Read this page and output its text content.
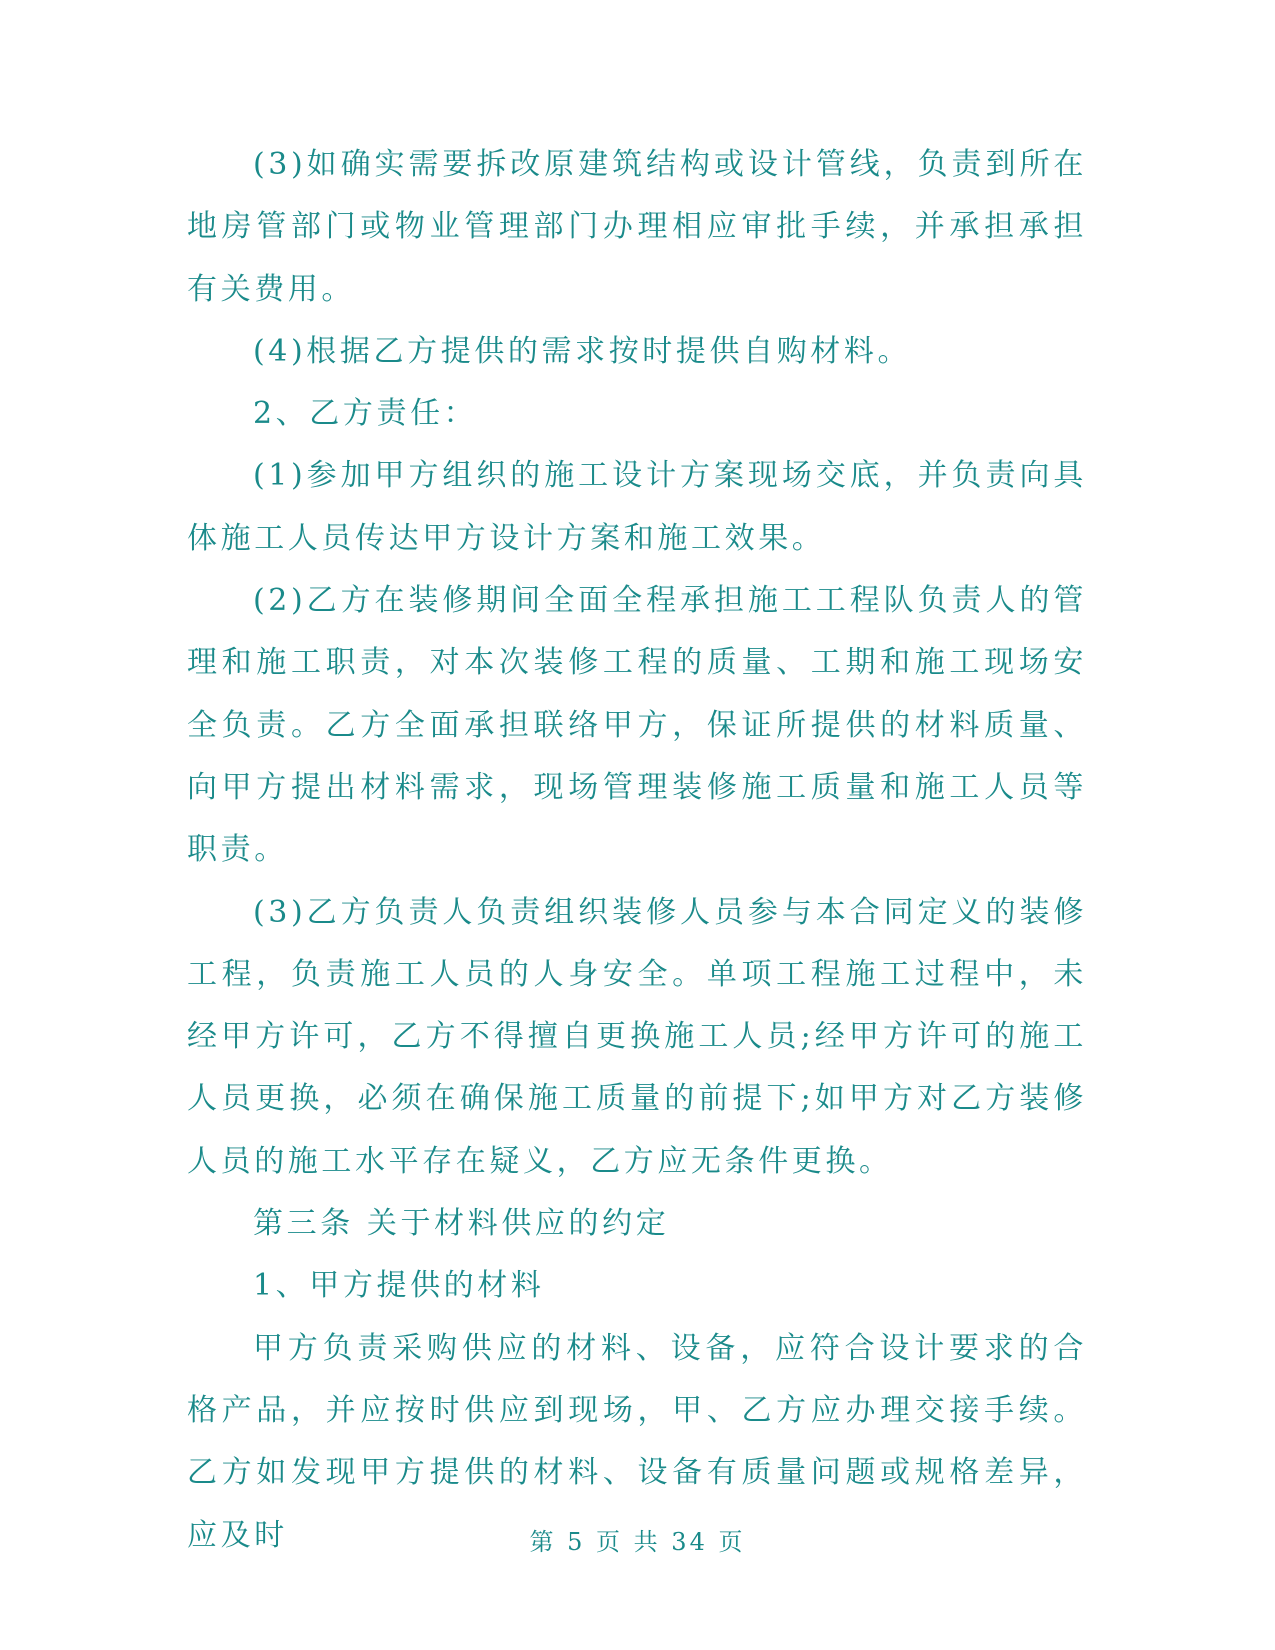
(3)如确实需要拆改原建筑结构或设计管线，负责到所在地房管部门或物业管理部门办理相应审批手续，并承担承担有关费用。

(4)根据乙方提供的需求按时提供自购材料。

2、乙方责任：

(1)参加甲方组织的施工设计方案现场交底，并负责向具体施工人员传达甲方设计方案和施工效果。

(2)乙方在装修期间全面全程承担施工工程队负责人的管理和施工职责，对本次装修工程的质量、工期和施工现场安全负责。乙方全面承担联络甲方，保证所提供的材料质量、向甲方提出材料需求，现场管理装修施工质量和施工人员等职责。

(3)乙方负责人负责组织装修人员参与本合同定义的装修工程，负责施工人员的人身安全。单项工程施工过程中，未经甲方许可，乙方不得擅自更换施工人员;经甲方许可的施工人员更换，必须在确保施工质量的前提下;如甲方对乙方装修人员的施工水平存在疑义，乙方应无条件更换。

第三条 关于材料供应的约定

1、甲方提供的材料

甲方负责采购供应的材料、设备，应符合设计要求的合格产品，并应按时供应到现场，甲、乙方应办理交接手续。乙方如发现甲方提供的材料、设备有质量问题或规格差异，应及时	第 5 页 共 34 页
